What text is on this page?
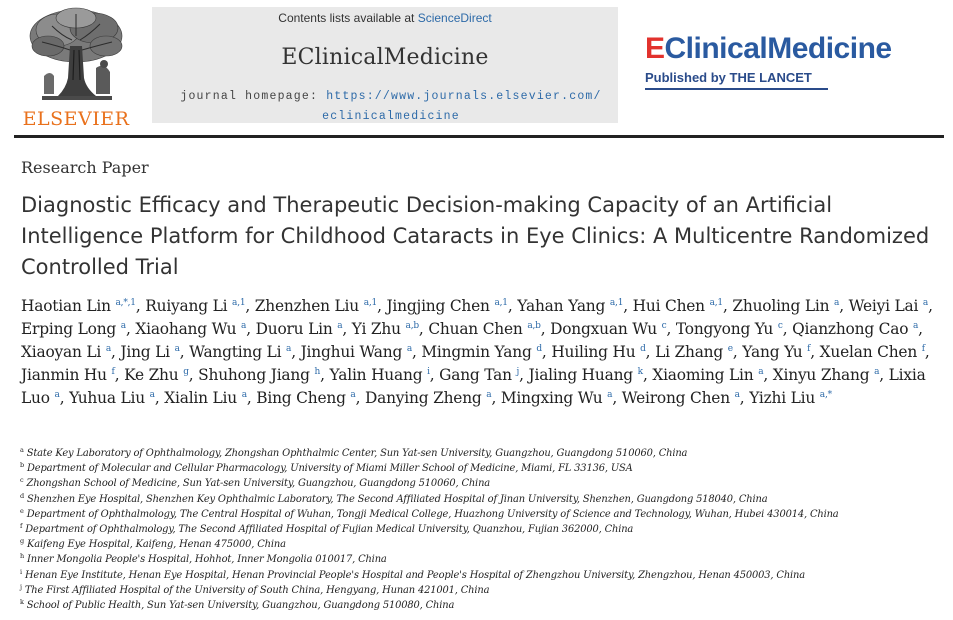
ELSEVIER
Contents lists available at ScienceDirect
EClinicalMedicine
journal homepage: https://www.journals.elsevier.com/
eclinicalmedicine
EClinicalMedicine
Published by THE LANCET
Research Paper
Diagnostic Efficacy and Therapeutic Decision-making Capacity of an Artificial Intelligence Platform for Childhood Cataracts in Eye Clinics: A Multicentre Randomized Controlled Trial
Haotian Lin $^{a,*,1}$, Ruiyang Li $^{a,1}$, Zhenzhen Liu $^{a,1}$, Jingjing Chen $^{a,1}$, Yahan Yang $^{a,1}$, Hui Chen $^{a,1}$, Zhuoling Lin $^a$, Weiyi Lai $^a$, Erping Long $^a$, Xiaohang Wu $^a$, Duoru Lin $^a$, Yi Zhu $^{a,b}$, Chuan Chen $^{a,b}$, Dongxuan Wu $^c$, Tongyong Yu $^c$, Qianzhong Cao $^a$, Xiaoyan Li $^a$, Jing Li $^a$, Wangting Li $^a$, Jinghui Wang $^a$, Mingmin Yang $^d$, Huiling Hu $^d$, Li Zhang $^e$, Yang Yu $^f$, Xuelan Chen $^f$, Jianmin Hu $^f$, Ke Zhu $^g$, Shuhong Jiang $^h$, Yalin Huang $^i$, Gang Tan $^j$, Jialing Huang $^k$, Xiaoming Lin $^a$, Xinyu Zhang $^a$, Lixia Luo $^a$, Yuhua Liu $^a$, Xialin Liu $^a$, Bing Cheng $^a$, Danying Zheng $^a$, Mingxing Wu $^a$, Weirong Chen $^a$, Yizhi Liu $^{a,*}$
$^a$ State Key Laboratory of Ophthalmology, Zhongshan Ophthalmic Center, Sun Yat-sen University, Guangzhou, Guangdong 510060, China
$^b$ Department of Molecular and Cellular Pharmacology, University of Miami Miller School of Medicine, Miami, FL 33136, USA
$^c$ Zhongshan School of Medicine, Sun Yat-sen University, Guangzhou, Guangdong 510060, China
$^d$ Shenzhen Eye Hospital, Shenzhen Key Ophthalmic Laboratory, The Second Affiliated Hospital of Jinan University, Shenzhen, Guangdong 518040, China
$^e$ Department of Ophthalmology, The Central Hospital of Wuhan, Tongji Medical College, Huazhong University of Science and Technology, Wuhan, Hubei 430014, China
$^f$ Department of Ophthalmology, The Second Affiliated Hospital of Fujian Medical University, Quanzhou, Fujian 362000, China
$^g$ Kaifeng Eye Hospital, Kaifeng, Henan 475000, China
$^h$ Inner Mongolia People's Hospital, Hohhot, Inner Mongolia 010017, China
$^i$ Henan Eye Institute, Henan Eye Hospital, Henan Provincial People's Hospital and People's Hospital of Zhengzhou University, Zhengzhou, Henan 450003, China
$^j$ The First Affiliated Hospital of the University of South China, Hengyang, Hunan 421001, China
$^k$ School of Public Health, Sun Yat-sen University, Guangzhou, Guangdong 510080, China
